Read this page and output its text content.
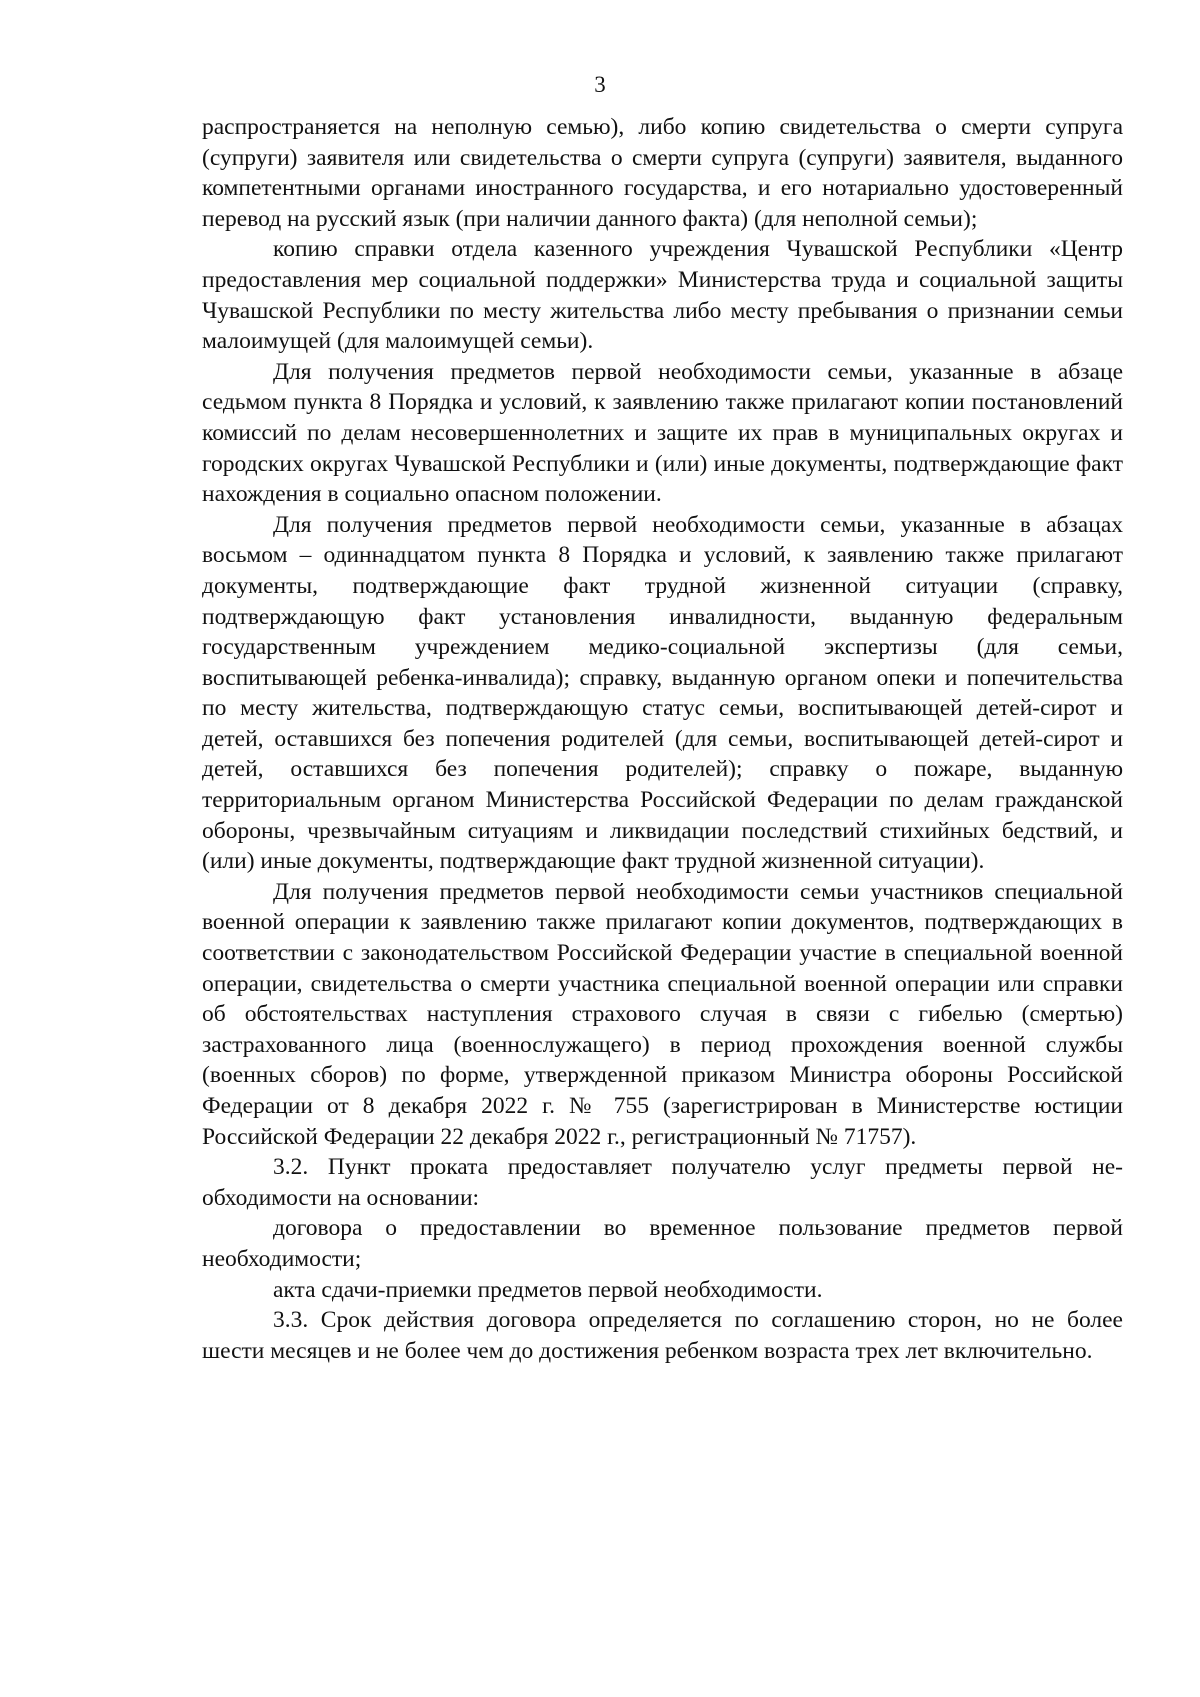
3

распространяется на неполную семью), либо копию свидетельства о смерти супруга (супруги) заявителя или свидетельства о смерти супруга (супруги) заявителя, выданного компетентными органами иностранного государства, и его нотариально удостоверенный перевод на русский язык (при наличии данного факта) (для неполной семьи);

копию справки отдела казенного учреждения Чувашской Республики «Центр предоставления мер социальной поддержки» Министерства труда и социальной защиты Чувашской Республики по месту жительства либо месту пребывания о признании семьи малоимущей (для малоимущей семьи).

Для получения предметов первой необходимости семьи, указанные в абзаце седьмом пункта 8 Порядка и условий, к заявлению также прилагают копии постановлений комиссий по делам несовершеннолетних и защите их прав в муниципальных округах и городских округах Чувашской Республики и (или) иные документы, подтверждающие факт нахождения в социально опасном положении.

Для получения предметов первой необходимости семьи, указанные в абзацах восьмом – одиннадцатом пункта 8 Порядка и условий, к заявлению также прилагают документы, подтверждающие факт трудной жизненной ситуации (справку, подтверждающую факт установления инвалидности, выданную федеральным государственным учреждением медико-социальной экспертизы (для семьи, воспитывающей ребенка-инвалида); справку, выданную органом опеки и попечительства по месту жительства, подтверждающую статус семьи, воспитывающей детей-сирот и детей, оставшихся без попечения родителей (для семьи, воспитывающей детей-сирот и детей, оставшихся без попечения родителей); справку о пожаре, выданную территориальным органом Министерства Российской Федерации по делам гражданской обороны, чрезвычайным ситуациям и ликвидации последствий стихийных бедствий, и (или) иные документы, подтверждающие факт трудной жизненной ситуации).

Для получения предметов первой необходимости семьи участников специальной военной операции к заявлению также прилагают копии документов, подтверждающих в соответствии с законодательством Российской Федерации участие в специальной военной операции, свидетельства о смерти участника специальной военной операции или справки об обстоятельствах наступления страхового случая в связи с гибелью (смертью) застрахованного лица (военнослужащего) в период прохождения военной службы (военных сборов) по форме, утвержденной приказом Министра обороны Российской Федерации от 8 декабря 2022 г. № 755 (зарегистрирован в Министерстве юстиции Российской Федерации 22 декабря 2022 г., регистрационный № 71757).

3.2. Пункт проката предоставляет получателю услуг предметы первой необходимости на основании:

договора о предоставлении во временное пользование предметов первой необходимости;

акта сдачи-приемки предметов первой необходимости.

3.3. Срок действия договора определяется по соглашению сторон, но не более шести месяцев и не более чем до достижения ребенком возраста трех лет включительно.
